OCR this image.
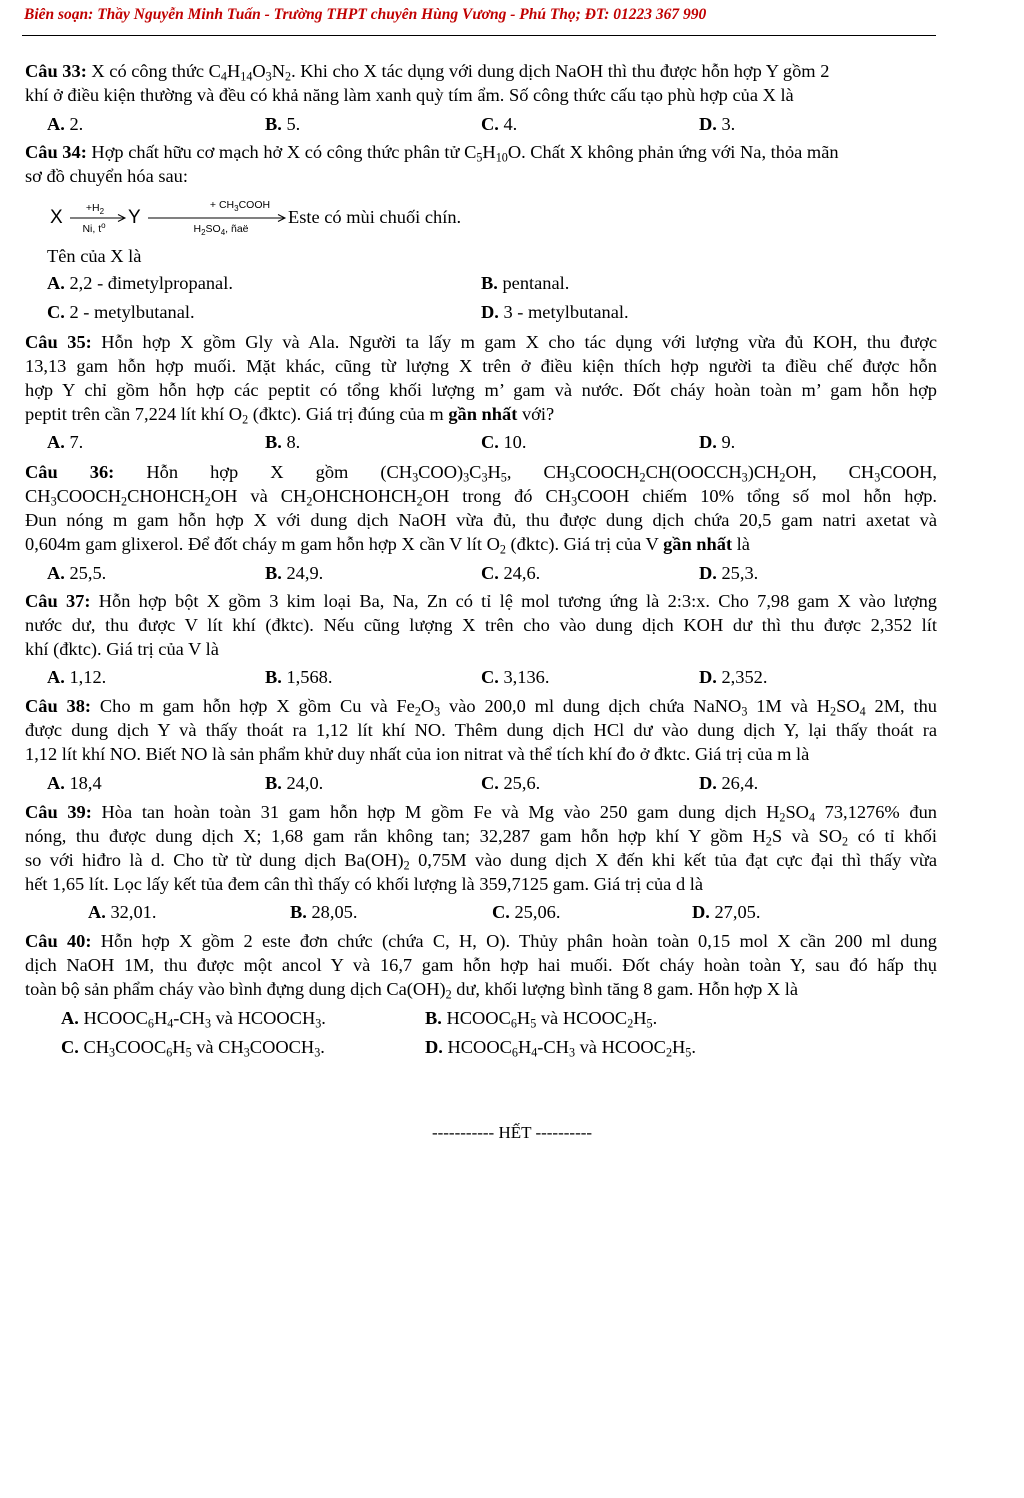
Biên soạn: Thầy Nguyễn Minh Tuấn - Trường THPT chuyên Hùng Vương - Phú Thọ; ĐT: 01223 367 990
Câu 33: X có công thức $C_4H_{14}O_3N_2$. Khi cho X tác dụng với dung dịch NaOH thì thu được hỗn hợp Y gồm 2
khí ở điều kiện thường và đều có khả năng làm xanh quỳ tím ẩm. Số công thức cấu tạo phù hợp của X là
A. 2.	B. 5.	C. 4.	D. 3.
Câu 34: Hợp chất hữu cơ mạch hở X có công thức phân tử $C_5H_{10}O$. Chất X không phản ứng với Na, thỏa mãn
sơ đồ chuyển hóa sau:
$X +H_2$
Ni, $t^o$ Y
+ $CH_3COOH$
$H_2SO_4$, ñaë
Este có mùi chuối chín.
Tên của X là
A. 2,2 - đimetylpropanal.	B. pentanal.
C. 2 - metylbutanal.	D. 3 - metylbutanal.
Câu 35: Hỗn hợp X gồm Gly và Ala. Người ta lấy m gam X cho tác dụng với lượng vừa đủ KOH, thu được
13,13 gam hỗn hợp muối. Mặt khác, cũng từ lượng X trên ở điều kiện thích hợp người ta điều chế được hỗn
hợp Y chỉ gồm hỗn hợp các peptit có tổng khối lượng m’ gam và nước. Đốt cháy hoàn toàn m’ gam hỗn hợp
peptit trên cần 7,224 lít khí $O_2$ (đktc). Giá trị đúng của m gần nhất với?
A. 7.	B. 8.	C. 10.	D. 9.
Câu 36: Hỗn hợp X gồm $(CH_3COO)_3C_3H_5$, $CH_3COOCH_2CH(OOCCH_3)CH_2OH$, $CH_3COOH$,
$CH_3COOCH_2CHOHCH_2OH$ và $CH_2OHCHOHCH_2OH$ trong đó $CH_3COOH$ chiếm 10% tổng số mol hỗn hợp.
Đun nóng m gam hỗn hợp X với dung dịch NaOH vừa đủ, thu được dung dịch chứa 20,5 gam natri axetat và
0,604m gam glixerol. Để đốt cháy m gam hỗn hợp X cần V lít $O_2$ (đktc). Giá trị của V gần nhất là
A. 25,5.	B. 24,9.	C. 24,6.	D. 25,3.
Câu 37: Hỗn hợp bột X gồm 3 kim loại Ba, Na, Zn có tỉ lệ mol tương ứng là 2:3:x. Cho 7,98 gam X vào lượng
nước dư, thu được V lít khí (đktc). Nếu cũng lượng X trên cho vào dung dịch KOH dư thì thu được 2,352 lít
khí (đktc). Giá trị của V là
A. 1,12.	B. 1,568.	C. 3,136.	D. 2,352.
Câu 38: Cho m gam hỗn hợp X gồm Cu và $Fe_2O_3$ vào 200,0 ml dung dịch chứa NaNO$_3$ 1M và $H_2SO_4$ 2M, thu
được dung dịch Y và thấy thoát ra 1,12 lít khí NO. Thêm dung dịch HCl dư vào dung dịch Y, lại thấy thoát ra
1,12 lít khí NO. Biết NO là sản phẩm khử duy nhất của ion nitrat và thể tích khí đo ở đktc. Giá trị của m là
A. 18,4	B. 24,0.	C. 25,6.	D. 26,4.
Câu 39: Hòa tan hoàn toàn 31 gam hỗn hợp M gồm Fe và Mg vào 250 gam dung dịch $H_2SO_4$ 73,1276% đun
nóng, thu được dung dịch X; 1,68 gam rắn không tan; 32,287 gam hỗn hợp khí Y gồm $H_2S$ và $SO_2$ có tỉ khối
so với hiđro là d. Cho từ từ dung dịch $Ba(OH)_2$ 0,75M vào dung dịch X đến khi kết tủa đạt cực đại thì thấy vừa
hết 1,65 lít. Lọc lấy kết tủa đem cân thì thấy có khối lượng là 359,7125 gam. Giá trị của d là
A. 32,01.	B. 28,05.	C. 25,06.	D. 27,05.
Câu 40: Hỗn hợp X gồm 2 este đơn chức (chứa C, H, O). Thủy phân hoàn toàn 0,15 mol X cần 200 ml dung
dịch NaOH 1M, thu được một ancol Y và 16,7 gam hỗn hợp hai muối. Đốt cháy hoàn toàn Y, sau đó hấp thụ
toàn bộ sản phẩm cháy vào bình đựng dung dịch $Ca(OH)_2$ dư, khối lượng bình tăng 8 gam. Hỗn hợp X là
A. $HCOOC_6H_4-CH_3$ và $HCOOCH_3$.	B. $HCOOC_6H_5$ và $HCOOC_2H_5$.
C. $CH_3COOC_6H_5$ và $CH_3COOCH_3$.	D. $HCOOC_6H_4-CH_3$ và $HCOOC_2H_5$.
----------- HẾT ----------
